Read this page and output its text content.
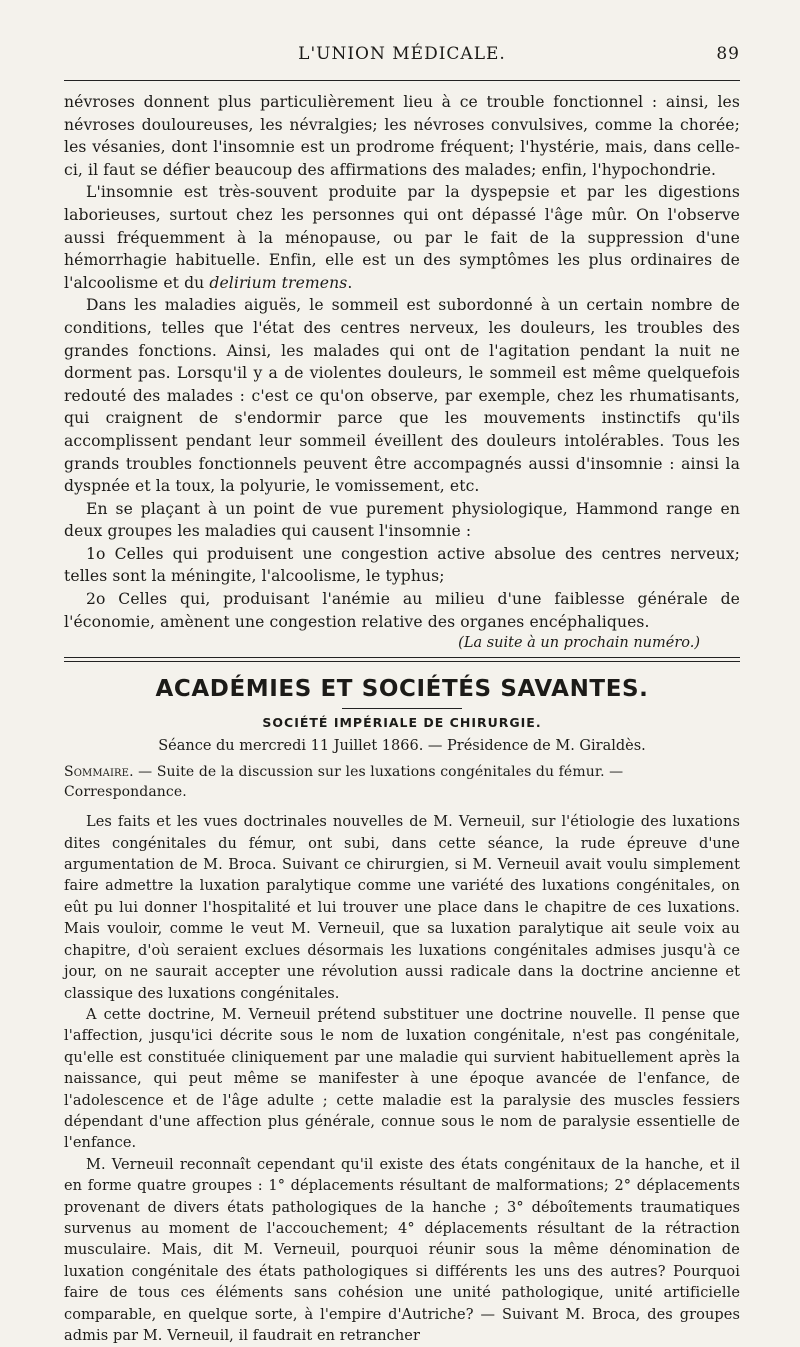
L'UNION MÉDICALE.	89

névroses donnent plus particulièrement lieu à ce trouble fonctionnel : ainsi, les névroses douloureuses, les névralgies; les névroses convulsives, comme la chorée; les vésanies, dont l'insomnie est un prodrome fréquent; l'hystérie, mais, dans celle-ci, il faut se défier beaucoup des affirmations des malades; enfin, l'hypochondrie.

L'insomnie est très-souvent produite par la dyspepsie et par les digestions laborieuses, surtout chez les personnes qui ont dépassé l'âge mûr. On l'observe aussi fréquemment à la ménopause, ou par le fait de la suppression d'une hémorrhagie habituelle. Enfin, elle est un des symptômes les plus ordinaires de l'alcoolisme et du delirium tremens.

Dans les maladies aiguës, le sommeil est subordonné à un certain nombre de conditions, telles que l'état des centres nerveux, les douleurs, les troubles des grandes fonctions. Ainsi, les malades qui ont de l'agitation pendant la nuit ne dorment pas. Lorsqu'il y a de violentes douleurs, le sommeil est même quelquefois redouté des malades : c'est ce qu'on observe, par exemple, chez les rhumatisants, qui craignent de s'endormir parce que les mouvements instinctifs qu'ils accomplissent pendant leur sommeil éveillent des douleurs intolérables. Tous les grands troubles fonctionnels peuvent être accompagnés aussi d'insomnie : ainsi la dyspnée et la toux, la polyurie, le vomissement, etc.

En se plaçant à un point de vue purement physiologique, Hammond range en deux groupes les maladies qui causent l'insomnie :

1o Celles qui produisent une congestion active absolue des centres nerveux; telles sont la méningite, l'alcoolisme, le typhus;

2o Celles qui, produisant l'anémie au milieu d'une faiblesse générale de l'économie, amènent une congestion relative des organes encéphaliques.

(La suite à un prochain numéro.)
ACADÉMIES ET SOCIÉTÉS SAVANTES.
SOCIÉTÉ IMPÉRIALE DE CHIRURGIE.
Séance du mercredi 11 Juillet 1866. — Présidence de M. Giraldès.

Sommaire. — Suite de la discussion sur les luxations congénitales du fémur. — Correspondance.

Les faits et les vues doctrinales nouvelles de M. Verneuil, sur l'étiologie des luxations dites congénitales du fémur, ont subi, dans cette séance, la rude épreuve d'une argumentation de M. Broca. Suivant ce chirurgien, si M. Verneuil avait voulu simplement faire admettre la luxation paralytique comme une variété des luxations congénitales, on eût pu lui donner l'hospitalité et lui trouver une place dans le chapitre de ces luxations. Mais vouloir, comme le veut M. Verneuil, que sa luxation paralytique ait seule voix au chapitre, d'où seraient exclues désormais les luxations congénitales admises jusqu'à ce jour, on ne saurait accepter une révolution aussi radicale dans la doctrine ancienne et classique des luxations congénitales.

A cette doctrine, M. Verneuil prétend substituer une doctrine nouvelle. Il pense que l'affection, jusqu'ici décrite sous le nom de luxation congénitale, n'est pas congénitale, qu'elle est constituée cliniquement par une maladie qui survient habituellement après la naissance, qui peut même se manifester à une époque avancée de l'enfance, de l'adolescence et de l'âge adulte ; cette maladie est la paralysie des muscles fessiers dépendant d'une affection plus générale, connue sous le nom de paralysie essentielle de l'enfance.

M. Verneuil reconnaît cependant qu'il existe des états congénitaux de la hanche, et il en forme quatre groupes : 1° déplacements résultant de malformations; 2° déplacements provenant de divers états pathologiques de la hanche ; 3° déboîtements traumatiques survenus au moment de l'accouchement; 4° déplacements résultant de la rétraction musculaire. Mais, dit M. Verneuil, pourquoi réunir sous la même dénomination de luxation congénitale des états pathologiques si différents les uns des autres? Pourquoi faire de tous ces éléments sans cohésion une unité pathologique, unité artificielle comparable, en quelque sorte, à l'empire d'Autriche? — Suivant M. Broca, des groupes admis par M. Verneuil, il faudrait en retrancher
